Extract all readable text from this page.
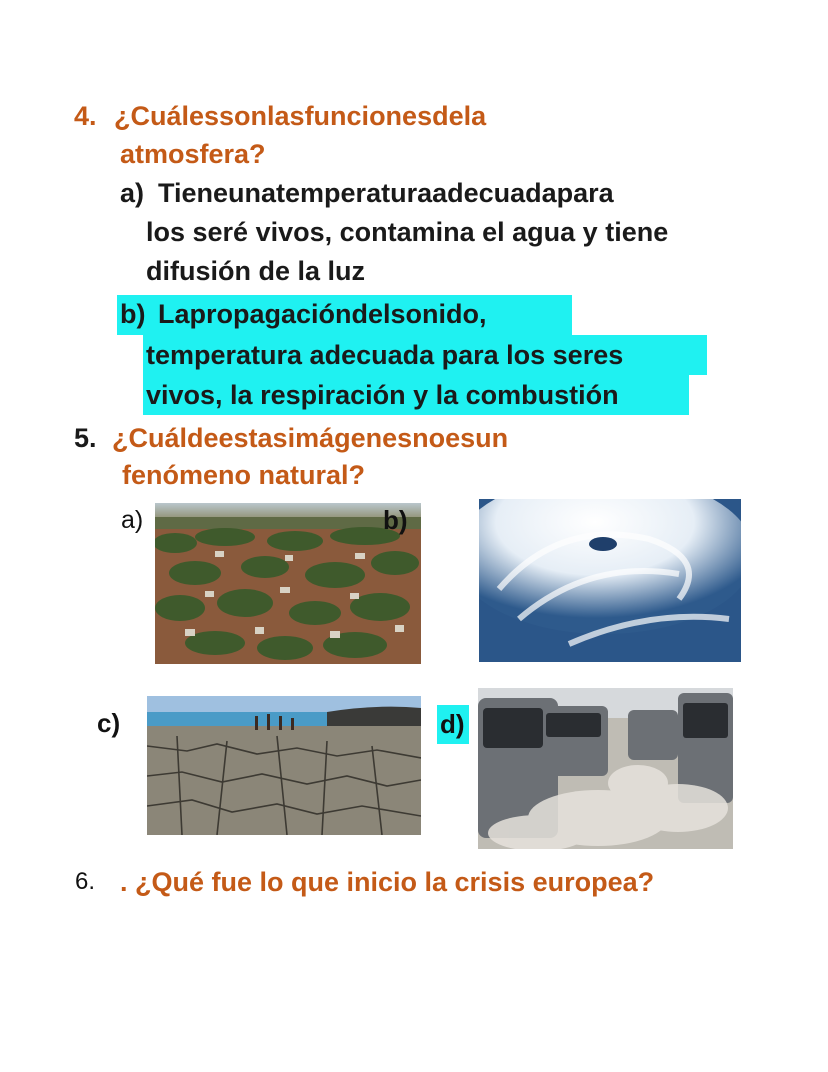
4. ¿Cuálessonlasfuncionesdela
atmosfera?
a) Tieneunatemperaturaadecuadapara
los seré vivos, contamina el agua y tiene
difusión de la luz
b) Lapropagacióndelsonido,
temperatura adecuada para los seres
vivos, la respiración y la combustión
5. ¿Cuáldeestasimágenesnoesun
fenómeno natural?
a)	b)
c)	d)
6. . ¿Qué fue lo que inicio la crisis europea?
